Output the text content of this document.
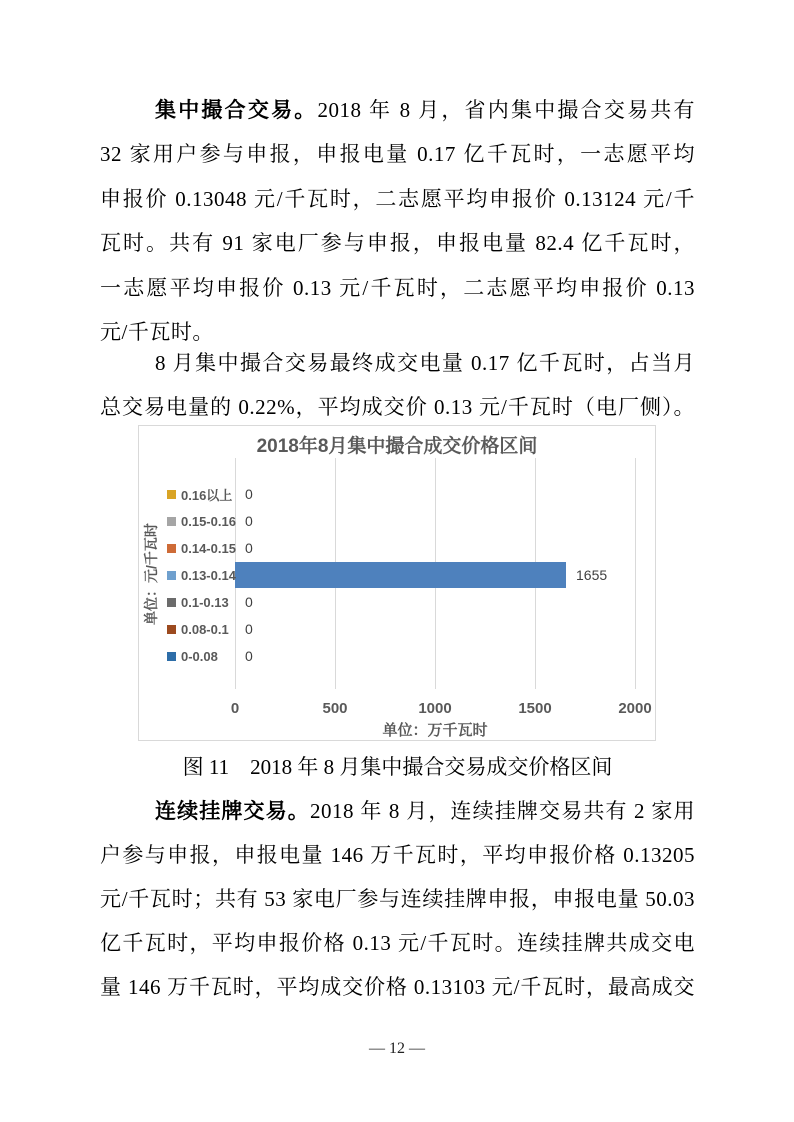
集中撮合交易。2018 年 8 月，省内集中撮合交易共有
32 家用户参与申报，申报电量 0.17 亿千瓦时，一志愿平均
申报价 0.13048 元/千瓦时，二志愿平均申报价 0.13124 元/千
瓦时。共有 91 家电厂参与申报，申报电量 82.4 亿千瓦时，
一志愿平均申报价 0.13 元/千瓦时，二志愿平均申报价 0.13
元/千瓦时。
8 月集中撮合交易最终成交电量 0.17 亿千瓦时，占当月
总交易电量的 0.22%，平均成交价 0.13 元/千瓦时（电厂侧）。
2018年8月集中撮合成交价格区间
单位：元/千瓦时
0
0
0
1655
0
0
0
单位：万千瓦时
0	500	1000	1500	2000
0.16以上
0.15-0.16
0.14-0.15
0.13-0.14
0.1-0.13
0.08-0.1
0-0.08
图 11　2018 年 8 月集中撮合交易成交价格区间
连续挂牌交易。2018 年 8 月，连续挂牌交易共有 2 家用
户参与申报，申报电量 146 万千瓦时，平均申报价格 0.13205
元/千瓦时；共有 53 家电厂参与连续挂牌申报，申报电量 50.03
亿千瓦时，平均申报价格 0.13 元/千瓦时。连续挂牌共成交电
量 146 万千瓦时，平均成交价格 0.13103 元/千瓦时，最高成交
— 12 —
